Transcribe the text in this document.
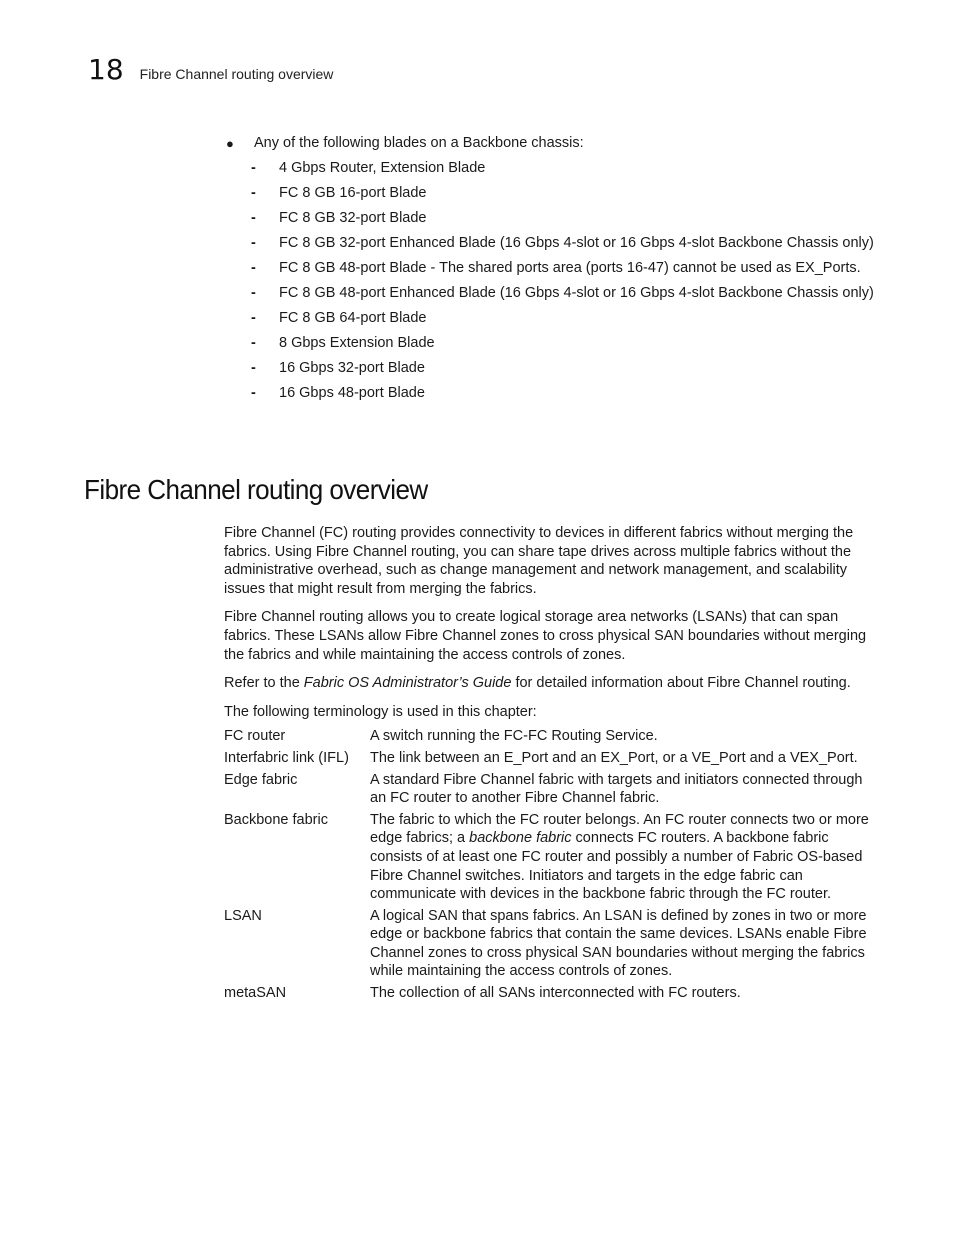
18 Fibre Channel routing overview
●	Any of the following blades on a Backbone chassis:
-	4 Gbps Router, Extension Blade
-	FC 8 GB 16-port Blade
-	FC 8 GB 32-port Blade
-	FC 8 GB 32-port Enhanced Blade (16 Gbps 4-slot or 16 Gbps 4-slot Backbone Chassis only)
-	FC 8 GB 48-port Blade - The shared ports area (ports 16-47) cannot be used as EX_Ports.
-	FC 8 GB 48-port Enhanced Blade (16 Gbps 4-slot or 16 Gbps 4-slot Backbone Chassis only)
-	FC 8 GB 64-port Blade
-	8 Gbps Extension Blade
-	16 Gbps 32-port Blade
-	16 Gbps 48-port Blade
Fibre Channel routing overview

Fibre Channel (FC) routing provides connectivity to devices in different fabrics without merging the fabrics. Using Fibre Channel routing, you can share tape drives across multiple fabrics without the administrative overhead, such as change management and network management, and scalability issues that might result from merging the fabrics.

Fibre Channel routing allows you to create logical storage area networks (LSANs) that can span fabrics. These LSANs allow Fibre Channel zones to cross physical SAN boundaries without merging the fabrics and while maintaining the access controls of zones.

Refer to the Fabric OS Administrator’s Guide for detailed information about Fibre Channel routing.

The following terminology is used in this chapter:

FC router	A switch running the FC-FC Routing Service.
Interfabric link (IFL)	The link between an E_Port and an EX_Port, or a VE_Port and a VEX_Port.
Edge fabric	A standard Fibre Channel fabric with targets and initiators connected through an FC router to another Fibre Channel fabric.
Backbone fabric	The fabric to which the FC router belongs. An FC router connects two or more edge fabrics; a backbone fabric connects FC routers. A backbone fabric consists of at least one FC router and possibly a number of Fabric OS-based Fibre Channel switches. Initiators and targets in the edge fabric can communicate with devices in the backbone fabric through the FC router.
LSAN	A logical SAN that spans fabrics. An LSAN is defined by zones in two or more edge or backbone fabrics that contain the same devices. LSANs enable Fibre Channel zones to cross physical SAN boundaries without merging the fabrics while maintaining the access controls of zones.
metaSAN	The collection of all SANs interconnected with FC routers.
